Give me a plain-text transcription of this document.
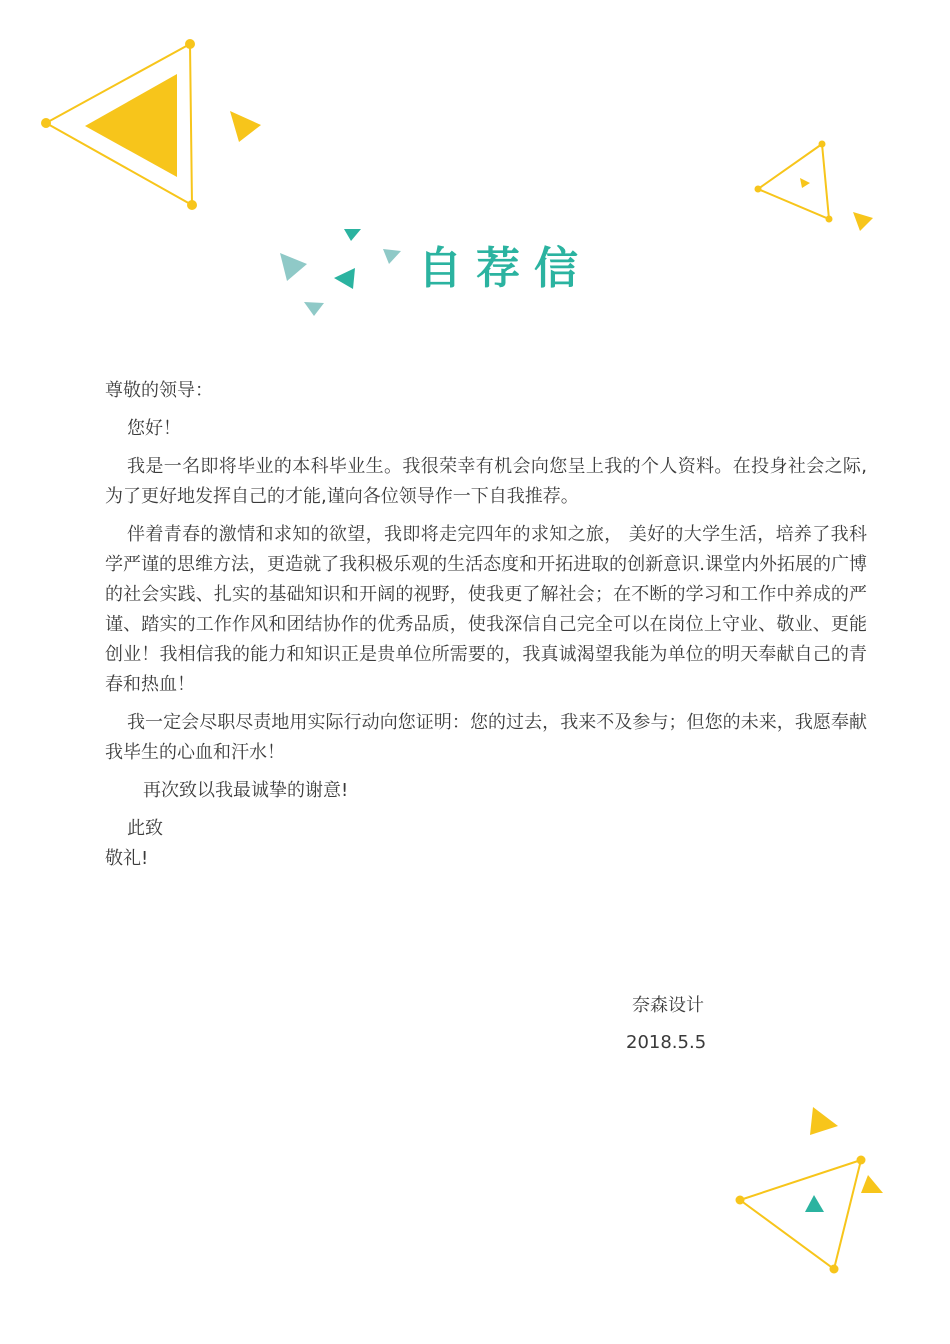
自荐信

尊敬的领导：

您好！

我是一名即将毕业的本科毕业生。我很荣幸有机会向您呈上我的个人资料。在投身社会之际,为了更好地发挥自己的才能,谨向各位领导作一下自我推荐。

伴着青春的激情和求知的欲望，我即将走完四年的求知之旅， 美好的大学生活，培养了我科学严谨的思维方法，更造就了我积极乐观的生活态度和开拓进取的创新意识.课堂内外拓展的广博的社会实践、扎实的基础知识和开阔的视野，使我更了解社会；在不断的学习和工作中养成的严谨、踏实的工作作风和团结协作的优秀品质，使我深信自己完全可以在岗位上守业、敬业、更能创业！我相信我的能力和知识正是贵单位所需要的，我真诚渴望我能为单位的明天奉献自己的青春和热血！

我一定会尽职尽责地用实际行动向您证明：您的过去，我来不及参与；但您的未来，我愿奉献我毕生的心血和汗水！

再次致以我最诚挚的谢意!

此致

敬礼!

奈森设计
2018.5.5
